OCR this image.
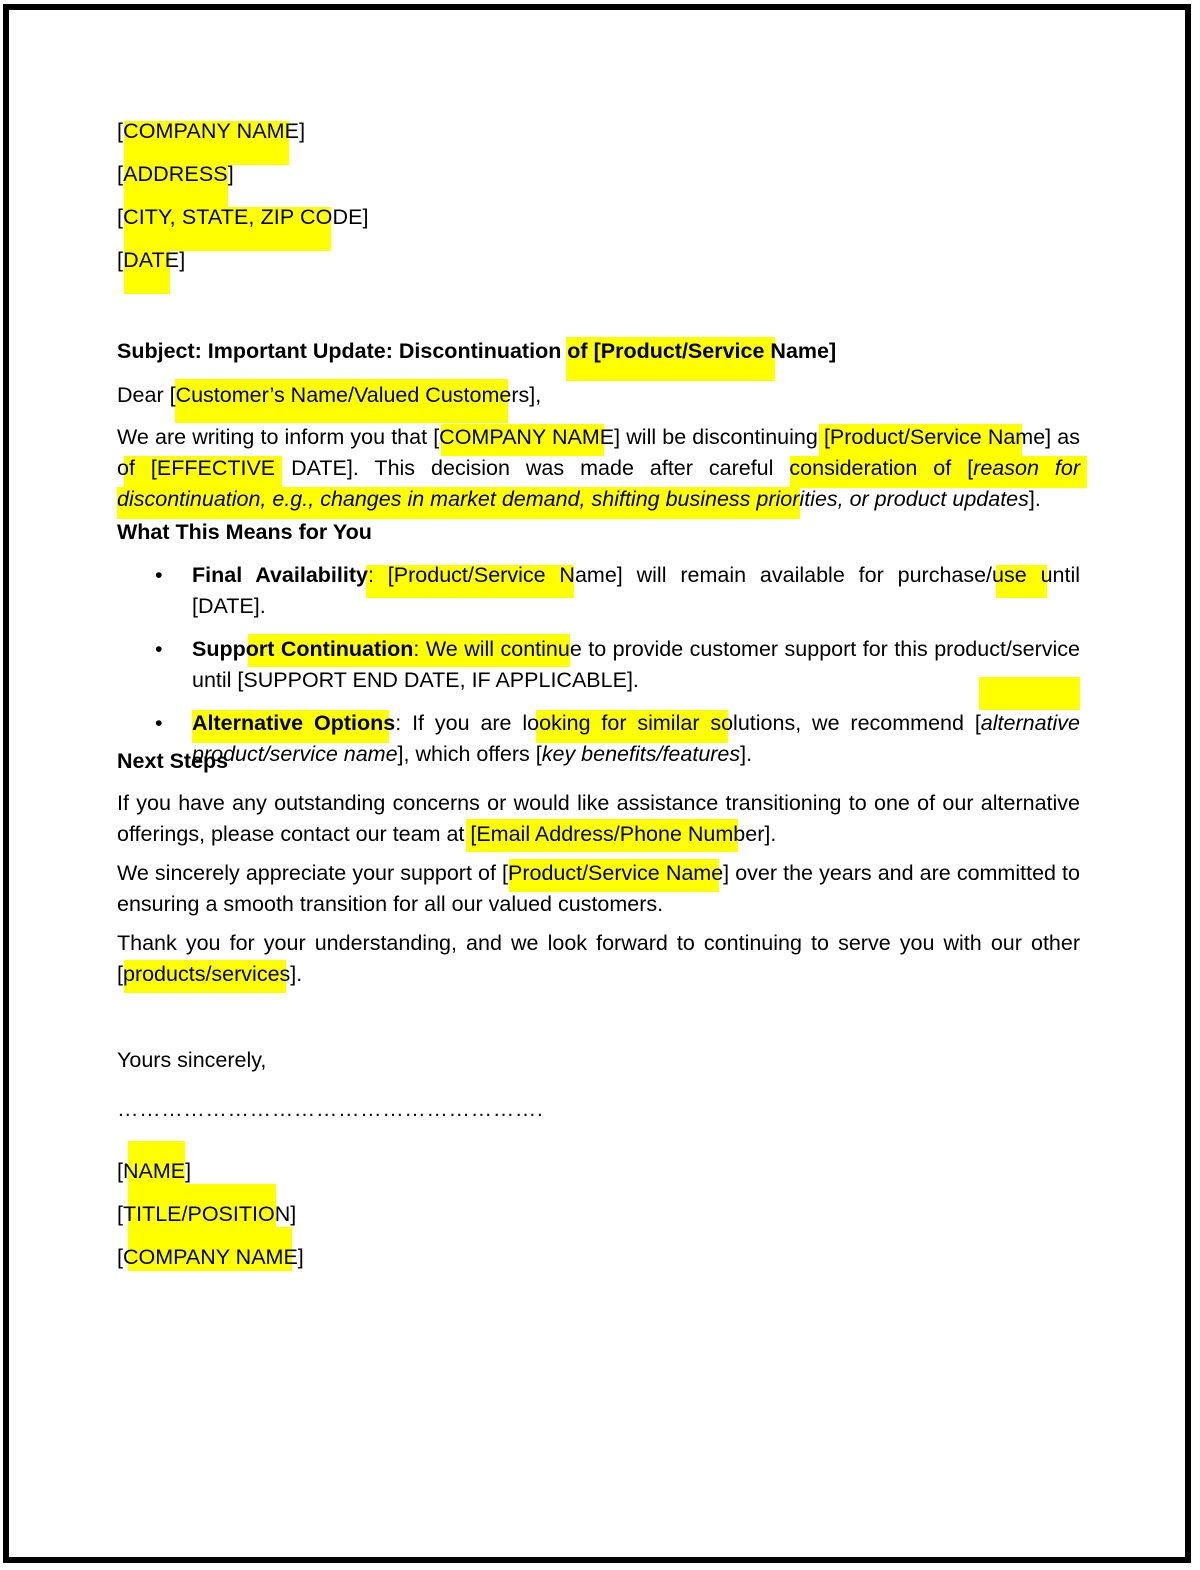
[COMPANY NAME]

[ADDRESS]

[CITY, STATE, ZIP CODE]

[DATE]

Subject: Important Update: Discontinuation of [Product/Service Name]

Dear [Customer’s Name/Valued Customers],

We are writing to inform you that [COMPANY NAME] will be discontinuing [Product/Service Name] as of [EFFECTIVE DATE]. This decision was made after careful consideration of [reason for discontinuation, e.g., changes in market demand, shifting business priorities, or product updates].

What This Means for You

• Final Availability: [Product/Service Name] will remain available for purchase/use until [DATE].
• Support Continuation: We will continue to provide customer support for this product/service until [SUPPORT END DATE, IF APPLICABLE].
• Alternative Options: If you are looking for similar solutions, we recommend [alternative product/service name], which offers [key benefits/features].

Next Steps

If you have any outstanding concerns or would like assistance transitioning to one of our alternative offerings, please contact our team at [Email Address/Phone Number].

We sincerely appreciate your support of [Product/Service Name] over the years and are committed to ensuring a smooth transition for all our valued customers.

Thank you for your understanding, and we look forward to continuing to serve you with our other [products/services].

Yours sincerely,

………………………………………………….

[NAME]

[TITLE/POSITION]

[COMPANY NAME]
